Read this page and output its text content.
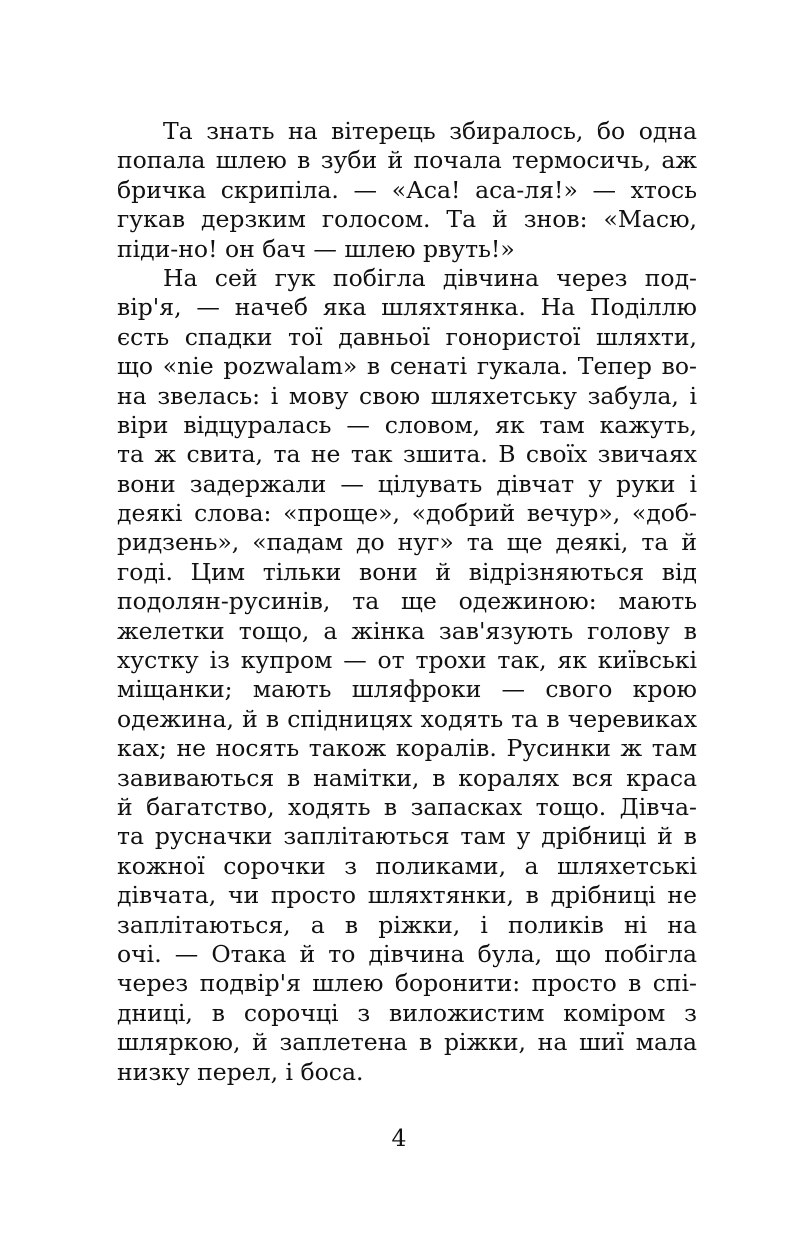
Та знать на вітерець збиралось, бо одна
попала шлею в зуби й почала термосичь, аж
бричка скрипіла. — «Аса! аса-ля!» — хтось
гукав дерзким голосом. Та й знов: «Масю,
піди-но! он бач — шлею рвуть!»
На сей гук побігла дівчина через под-
вір'я, — начеб яка шляхтянка. На Поділлю
єсть спадки тої давньої гонористої шляхти,
що «nie pozwalam» в сенаті гукала. Тепер во-
на звелась: і мову свою шляхетську забула, і
віри відцуралась — словом, як там кажуть,
та ж свита, та не так зшита. В своїх звичаях
вони задержали — цілувать дівчат у руки і
деякі слова: «проще», «добрий вечур», «доб-
ридзень», «падам до нуг» та ще деякі, та й
годі. Цим тільки вони й відрізняються від
подолян-русинів, та ще одежиною: мають
желетки тощо, а жінка зав'язують голову в
хустку із купром — от трохи так, як київські
міщанки; мають шляфроки — свого крою
одежина, й в спідницях ходять та в черевиках
ках; не носять також коралів. Русинки ж там
завиваються в намітки, в коралях вся краса
й багатство, ходять в запасках тощо. Дівча-
та русначки заплітаються там у дрібниці й в
кожної сорочки з поликами, а шляхетські
дівчата, чи просто шляхтянки, в дрібниці не
заплітаються, а в ріжки, і поликів ні на
очі. — Отака й то дівчина була, що побігла
через подвір'я шлею боронити: просто в спі-
дниці, в сорочці з виложистим коміром з
шляркою, й заплетена в ріжки, на шиї мала
низку перел, і боса.
4
